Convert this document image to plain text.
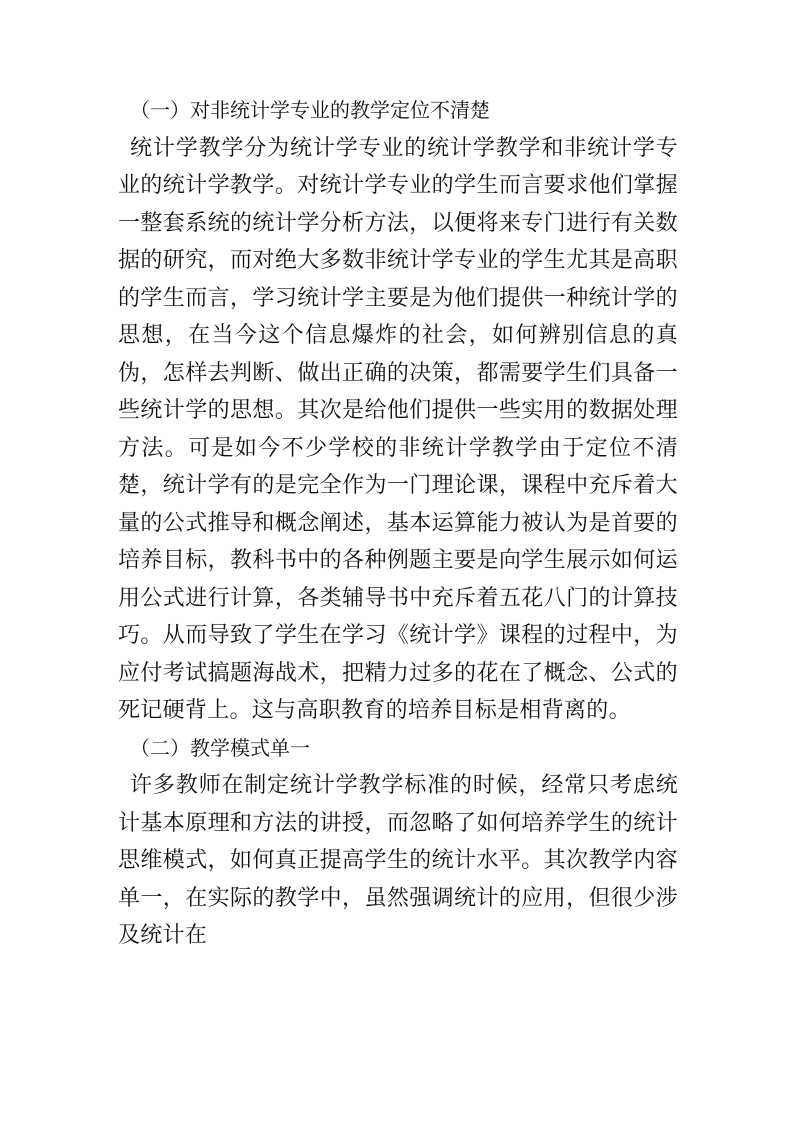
（一）对非统计学专业的教学定位不清楚

统计学教学分为统计学专业的统计学教学和非统计学专业的统计学教学。对统计学专业的学生而言要求他们掌握一整套系统的统计学分析方法，以便将来专门进行有关数据的研究，而对绝大多数非统计学专业的学生尤其是高职的学生而言，学习统计学主要是为他们提供一种统计学的思想，在当今这个信息爆炸的社会，如何辨别信息的真伪，怎样去判断、做出正确的决策，都需要学生们具备一些统计学的思想。其次是给他们提供一些实用的数据处理方法。可是如今不少学校的非统计学教学由于定位不清楚，统计学有的是完全作为一门理论课，课程中充斥着大量的公式推导和概念阐述，基本运算能力被认为是首要的培养目标，教科书中的各种例题主要是向学生展示如何运用公式进行计算，各类辅导书中充斥着五花八门的计算技巧。从而导致了学生在学习《统计学》课程的过程中，为应付考试搞题海战术，把精力过多的花在了概念、公式的死记硬背上。这与高职教育的培养目标是相背离的。

（二）教学模式单一

许多教师在制定统计学教学标准的时候，经常只考虑统计基本原理和方法的讲授，而忽略了如何培养学生的统计思维模式，如何真正提高学生的统计水平。其次教学内容单一，在实际的教学中，虽然强调统计的应用，但很少涉及统计在
